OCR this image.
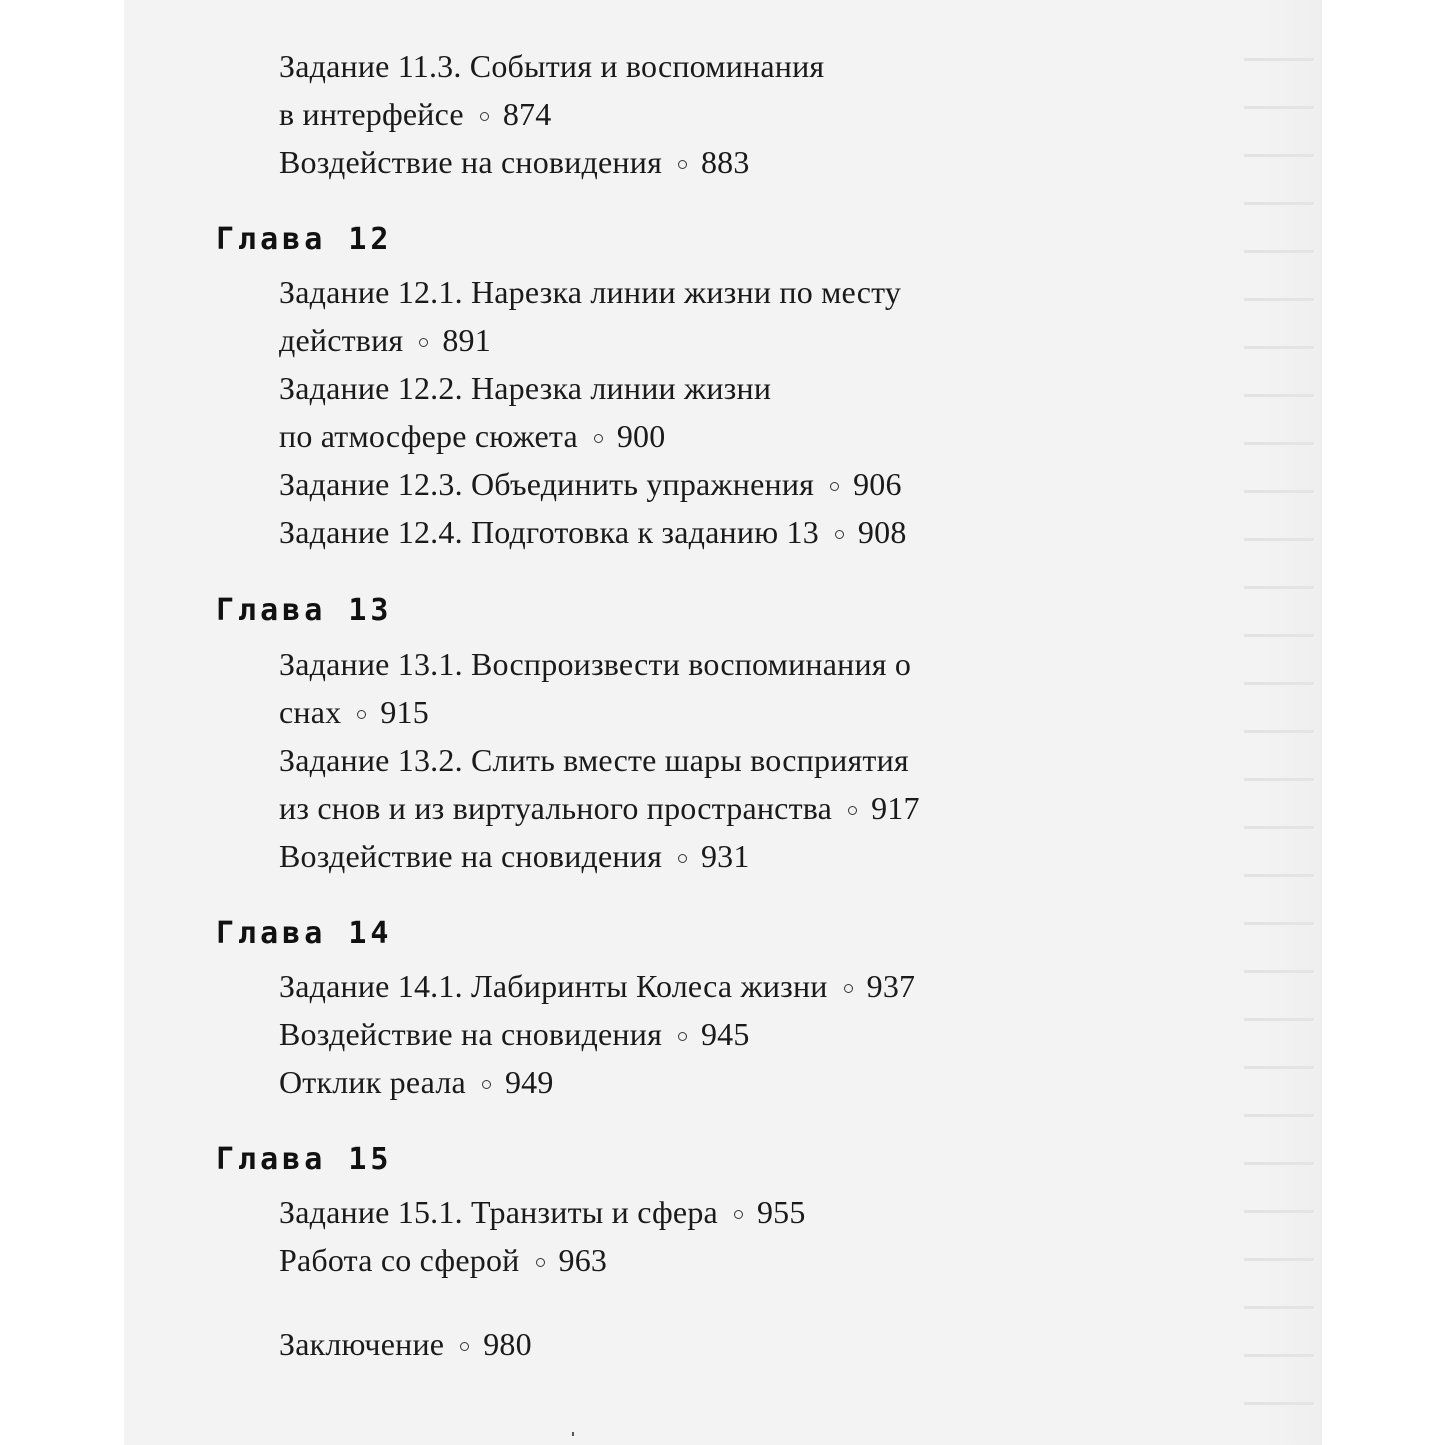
Задание 11.3. События и воспоминания
в интерфейсе 874

Воздействие на сновидения 883

Глава 12

Задание 12.1. Нарезка линии жизни по месту
действия 891

Задание 12.2. Нарезка линии жизни
по атмосфере сюжета 900

Задание 12.3. Объединить упражнения 906

Задание 12.4. Подготовка к заданию 13 908

Глава 13

Задание 13.1. Воспроизвести воспоминания о
снах 915

Задание 13.2. Слить вместе шары восприятия
из снов и из виртуального пространства 917

Воздействие на сновидения 931

Глава 14

Задание 14.1. Лабиринты Колеса жизни 937

Воздействие на сновидения 945

Отклик реала 949

Глава 15

Задание 15.1. Транзиты и сфера 955

Работа со сферой 963

Заключение 980
